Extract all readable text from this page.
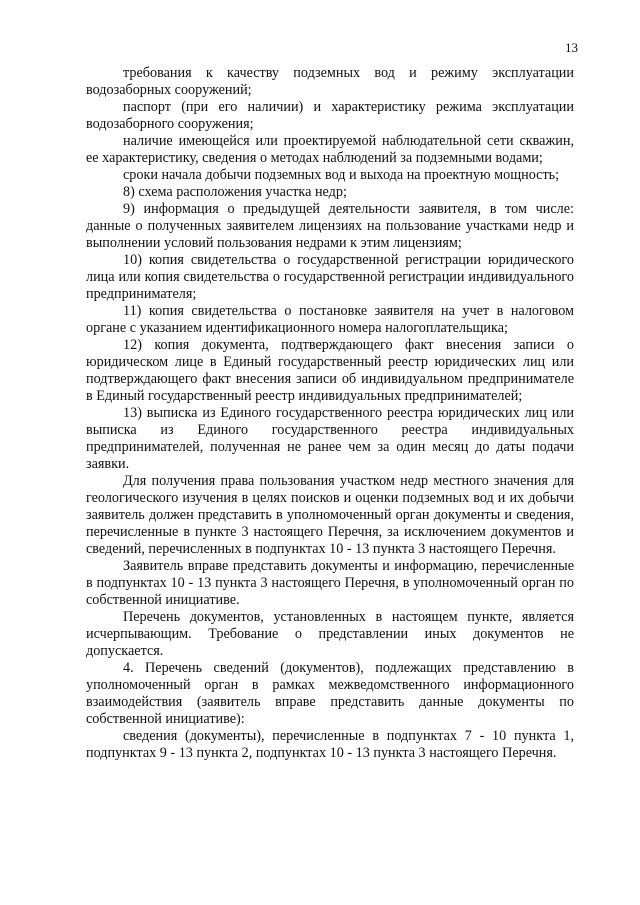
13

требования к качеству подземных вод и режиму эксплуатации водозаборных сооружений;

паспорт (при его наличии) и характеристику режима эксплуатации водозаборного сооружения;

наличие имеющейся или проектируемой наблюдательной сети скважин, ее характеристику, сведения о методах наблюдений за подземными водами;

сроки начала добычи подземных вод и выхода на проектную мощность;

8) схема расположения участка недр;

9) информация о предыдущей деятельности заявителя, в том числе: данные о полученных заявителем лицензиях на пользование участками недр и выполнении условий пользования недрами к этим лицензиям;

10) копия свидетельства о государственной регистрации юридического лица или копия свидетельства о государственной регистрации индивидуального предпринимателя;

11) копия свидетельства о постановке заявителя на учет в налоговом органе с указанием идентификационного номера налогоплательщика;

12) копия документа, подтверждающего факт внесения записи о юридическом лице в Единый государственный реестр юридических лиц или подтверждающего факт внесения записи об индивидуальном предпринимателе в Единый государственный реестр индивидуальных предпринимателей;

13) выписка из Единого государственного реестра юридических лиц или выписка из Единого государственного реестра индивидуальных предпринимателей, полученная не ранее чем за один месяц до даты подачи заявки.

Для получения права пользования участком недр местного значения для геологического изучения в целях поисков и оценки подземных вод и их добычи заявитель должен представить в уполномоченный орган документы и сведения, перечисленные в пункте 3 настоящего Перечня, за исключением документов и сведений, перечисленных в подпунктах 10 - 13 пункта 3 настоящего Перечня.

Заявитель вправе представить документы и информацию, перечисленные в подпунктах 10 - 13 пункта 3 настоящего Перечня, в уполномоченный орган по собственной инициативе.

Перечень документов, установленных в настоящем пункте, является исчерпывающим. Требование о представлении иных документов не допускается.

4. Перечень сведений (документов), подлежащих представлению в уполномоченный орган в рамках межведомственного информационного взаимодействия (заявитель вправе представить данные документы по собственной инициативе):

сведения (документы), перечисленные в подпунктах 7 - 10 пункта 1, подпунктах 9 - 13 пункта 2, подпунктах 10 - 13 пункта 3 настоящего Перечня.
